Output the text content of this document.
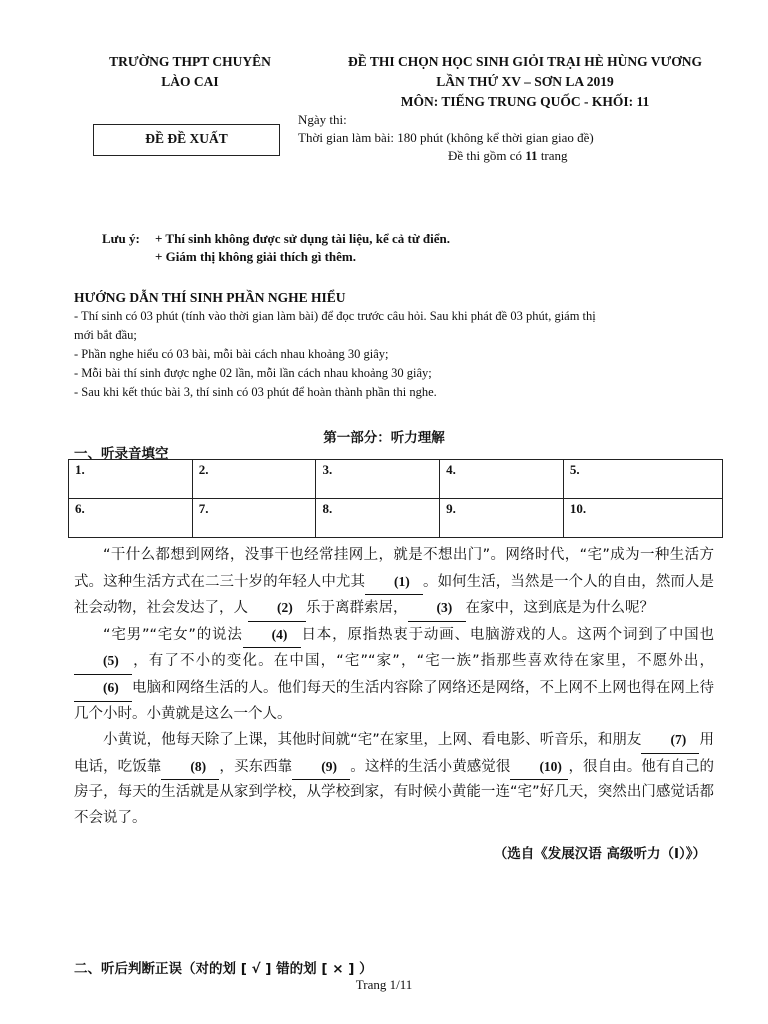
TRƯỜNG THPT CHUYÊN
LÀO CAI
ĐỀ THI CHỌN HỌC SINH GIỎI TRẠI HÈ HÙNG VƯƠNG
LẦN THỨ XV – SƠN LA 2019
MÔN: TIẾNG TRUNG QUỐC - KHỐI: 11
ĐỀ ĐỀ XUẤT
Ngày thi:
Thời gian làm bài: 180 phút (không kể thời gian giao đề)
Đề thi gồm có 11 trang
Lưu ý: + Thí sinh không được sử dụng tài liệu, kể cả từ điển.
+ Giám thị không giải thích gì thêm.
HƯỚNG DẪN THÍ SINH PHẦN NGHE HIỂU
- Thí sinh có 03 phút (tính vào thời gian làm bài) để đọc trước câu hỏi. Sau khi phát đề 03 phút, giám thị
mới bắt đầu;
- Phần nghe hiểu có 03 bài, mỗi bài cách nhau khoảng 30 giây;
- Mỗi bài thí sinh được nghe 02 lần, mỗi lần cách nhau khoảng 30 giây;
- Sau khi kết thúc bài 3, thí sinh có 03 phút để hoàn thành phần thi nghe.
第一部分：听力理解
一、听录音填空
1.	2.	3.	4.	5.
6.	7.	8.	9.	10.

“干什么都想到网络，没事干也经常挂网上，就是不想出门”。网络时代，“宅”成为一种生活方式。这种生活方式在二三十岁的年轻人中尤其 (1) 。如何生活，当然是一个人的自由，然而人是社会动物，社会发达了，人 (2) 乐于离群索居， (3) 在家中，这到底是为什么呢？

“宅男”“宅女”的说法 (4) 日本，原指热衷于动画、电脑游戏的人。这两个词到了中国也(5) ，有了不小的变化。在中国，“宅”“家”，“宅一族”指那些喜欢待在家里，不愿外出，(6) 电脑和网络生活的人。他们每天的生活内容除了网络还是网络，不上网不上网也得在网上待几个小时。小黄就是这么一个人。

小黄说，他每天除了上课，其他时间就“宅”在家里，上网、看电影、听音乐，和朋友 (7) 用电话，吃饭靠 (8) ，买东西靠 (9) 。这样的生活小黄感觉很 (10) ，很自由。他有自己的房子，每天的生活就是从家到学校，从学校到家，有时候小黄能一连“宅”好几天，突然出门感觉话都不会说了。

（选自《发展汉语 高级听力（I）》）
二、听后判断正误（对的划 [ √ ] 错的划 [ × ] ）
Trang 1/11
